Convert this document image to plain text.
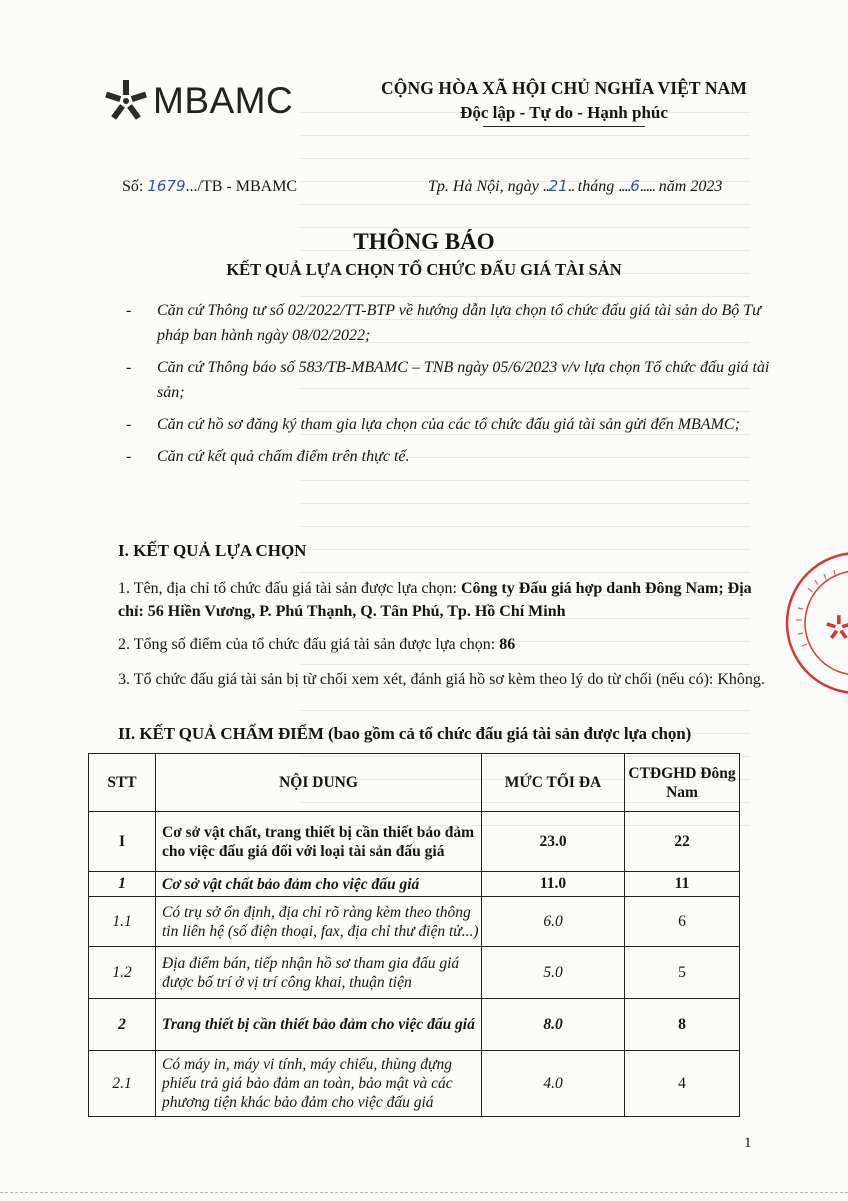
MBAMC	CỘNG HÒA XÃ HỘI CHỦ NGHĨA VIỆT NAM
Độc lập - Tự do - Hạnh phúc
Số: 1679.../TB - MBAMC	Tp. Hà Nội, ngày ..21.. tháng ....6..... năm 2023
THÔNG BÁO
KẾT QUẢ LỰA CHỌN TỔ CHỨC ĐẤU GIÁ TÀI SẢN
- Căn cứ Thông tư số 02/2022/TT-BTP về hướng dẫn lựa chọn tổ chức đấu giá tài sản do Bộ Tư pháp ban hành ngày 08/02/2022;
- Căn cứ Thông báo số 583/TB-MBAMC – TNB ngày 05/6/2023 v/v lựa chọn Tổ chức đấu giá tài sản;
- Căn cứ hồ sơ đăng ký tham gia lựa chọn của các tổ chức đấu giá tài sản gửi đến MBAMC;
- Căn cứ kết quả chấm điểm trên thực tế.
I. KẾT QUẢ LỰA CHỌN
1. Tên, địa chỉ tổ chức đấu giá tài sản được lựa chọn: Công ty Đấu giá hợp danh Đông Nam; Địa chỉ: 56 Hiền Vương, P. Phú Thạnh, Q. Tân Phú, Tp. Hồ Chí Minh
2. Tổng số điểm của tổ chức đấu giá tài sản được lựa chọn: 86
3. Tổ chức đấu giá tài sản bị từ chối xem xét, đánh giá hồ sơ kèm theo lý do từ chối (nếu có): Không.
II. KẾT QUẢ CHẤM ĐIỂM (bao gồm cả tổ chức đấu giá tài sản được lựa chọn)
STT	NỘI DUNG	MỨC TỐI ĐA	CTĐGHD Đông Nam
I	Cơ sở vật chất, trang thiết bị cần thiết bảo đảm cho việc đấu giá đối với loại tài sản đấu giá	23.0	22
1	Cơ sở vật chất bảo đảm cho việc đấu giá	11.0	11
1.1	Có trụ sở ổn định, địa chỉ rõ ràng kèm theo thông tin liên hệ (số điện thoại, fax, địa chỉ thư điện tử...)	6.0	6
1.2	Địa điểm bán, tiếp nhận hồ sơ tham gia đấu giá được bố trí ở vị trí công khai, thuận tiện	5.0	5
2	Trang thiết bị cần thiết bảo đảm cho việc đấu giá	8.0	8
2.1	Có máy in, máy vi tính, máy chiếu, thùng đựng phiếu trả giá bảo đảm an toàn, bảo mật và các phương tiện khác bảo đảm cho việc đấu giá	4.0	4
1
